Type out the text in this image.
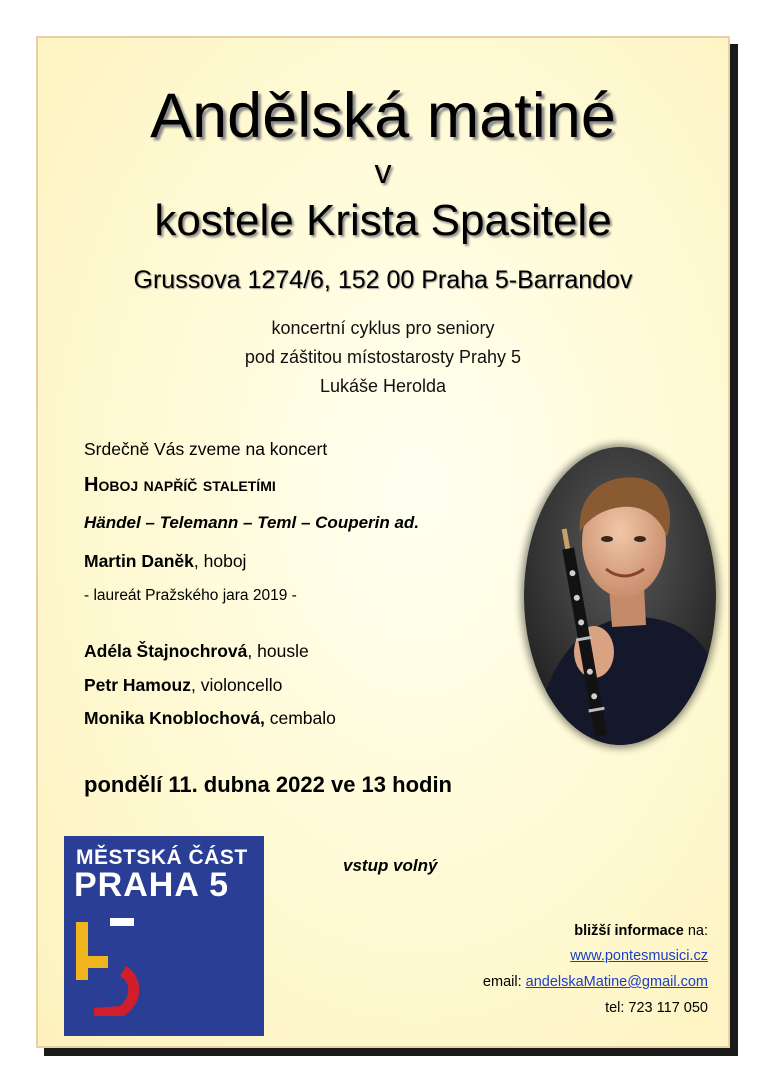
Andělská matiné
v
kostele Krista Spasitele
Grussova 1274/6, 152 00 Praha 5-Barrandov
koncertní cyklus pro seniory
pod záštitou místostarosty Prahy 5
Lukáše Herolda
Srdečně Vás zveme na koncert
Hoboj napříč staletími
Händel – Telemann – Teml – Couperin ad.
Martin Daněk, hoboj
- laureát Pražského jara 2019 -
Adéla Štajnochrová, housle
Petr Hamouz, violoncello
Monika Knoblochová, cembalo
pondělí 11. dubna 2022 ve 13 hodin
vstup volný
MĚSTSKÁ ČÁST
PRAHA 5
bližší informace na:
www.pontesmusici.cz
email: andelskaMatine@gmail.com
tel: 723 117 050
